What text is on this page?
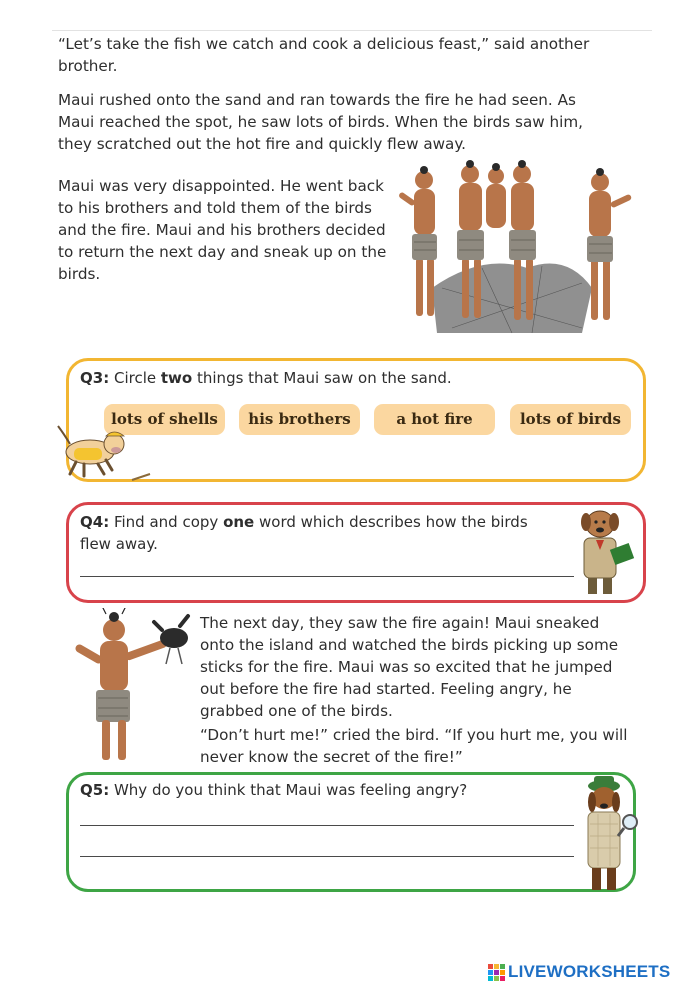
“Let’s take the fish we catch and cook a delicious feast,” said another brother.

Maui rushed onto the sand and ran towards the fire he had seen. As Maui reached the spot, he saw lots of birds. When the birds saw him, they scratched out the hot fire and quickly flew away.

Maui was very disappointed. He went back to his brothers and told them of the birds and the fire. Maui and his brothers decided to return the next day and sneak up on the birds.

Q3: Circle two things that Maui saw on the sand.
lots of shells	his brothers	a hot fire	lots of birds
Q4: Find and copy one word which describes how the birds flew away.

The next day, they saw the fire again! Maui sneaked onto the island and watched the birds picking up some sticks for the fire. Maui was so excited that he jumped out before the fire had started. Feeling angry, he grabbed one of the birds.

“Don’t hurt me!” cried the bird. “If you hurt me, you will never know the secret of the fire!”

Q5: Why do you think that Maui was feeling angry?
LIVEWORKSHEETS
